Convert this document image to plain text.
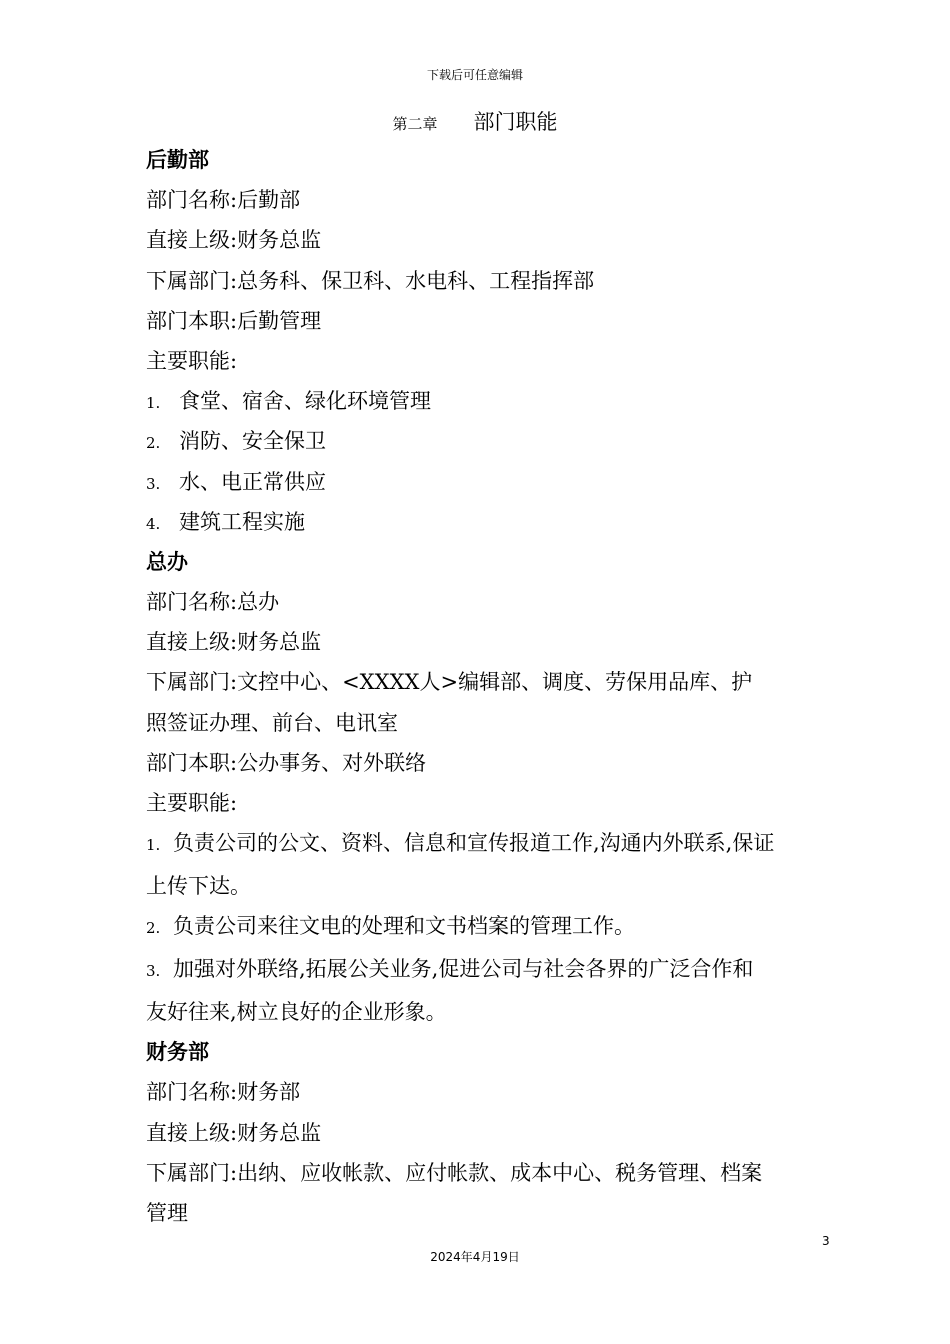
下载后可任意编辑
第二章 部门职能
后勤部
部门名称:后勤部
直接上级:财务总监
下属部门:总务科、保卫科、水电科、工程指挥部
部门本职:后勤管理
主要职能:
1. 食堂、宿舍、绿化环境管理
2. 消防、安全保卫
3. 水、电正常供应
4. 建筑工程实施
总办
部门名称:总办
直接上级:财务总监
下属部门:文控中心、<XXXX人>编辑部、调度、劳保用品库、护
照签证办理、前台、电讯室
部门本职:公办事务、对外联络
主要职能:
1. 负责公司的公文、资料、信息和宣传报道工作,沟通内外联系,保证
上传下达。
2. 负责公司来往文电的处理和文书档案的管理工作。
3. 加强对外联络,拓展公关业务,促进公司与社会各界的广泛合作和
友好往来,树立良好的企业形象。
财务部
部门名称:财务部
直接上级:财务总监
下属部门:出纳、应收帐款、应付帐款、成本中心、税务管理、档案
管理
3
2024年4月19日
